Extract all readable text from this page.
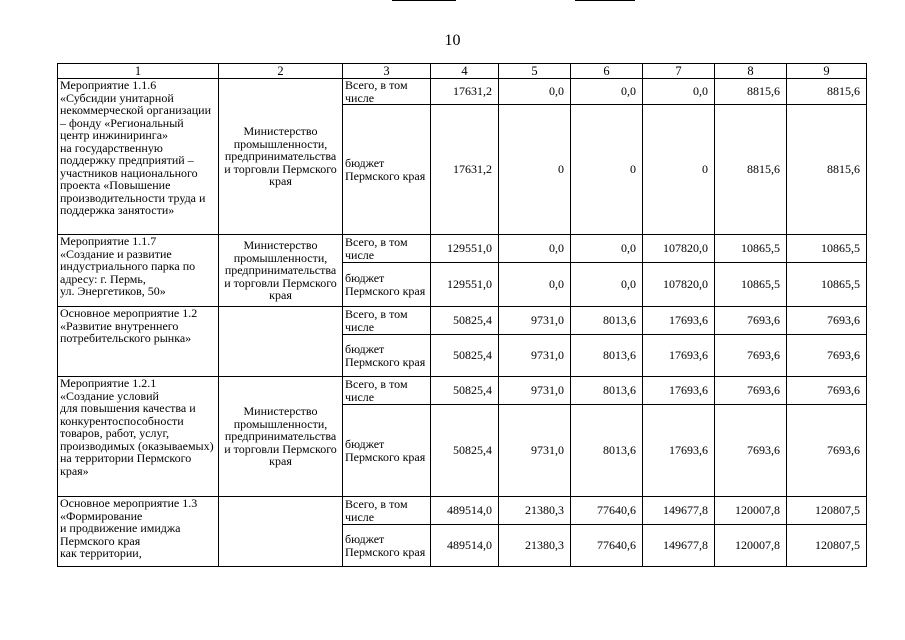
10
1	2	3	4	5	6	7	8	9
Мероприятие 1.1.6
«Субсидии унитарной некоммерческой организации – фонду «Региональный центр инжиниринга»
на государственную поддержку предприятий – участников национального проекта «Повышение производительности труда и поддержка занятости»	Министерство промышленности, предпринимательства и торговли Пермского края	Всего, в том числе	17631,2	0,0	0,0	0,0	8815,6	8815,6
		бюджет Пермского края	17631,2	0	0	0	8815,6	8815,6
Мероприятие 1.1.7
«Создание и развитие индустриального парка по адресу: г. Пермь,
ул. Энергетиков, 50»	Министерство промышленности, предпринимательства и торговли Пермского края	Всего, в том числе	129551,0	0,0	0,0	107820,0	10865,5	10865,5
		бюджет Пермского края	129551,0	0,0	0,0	107820,0	10865,5	10865,5
Основное мероприятие 1.2
«Развитие внутреннего потребительского рынка»		Всего, в том числе	50825,4	9731,0	8013,6	17693,6	7693,6	7693,6
		бюджет Пермского края	50825,4	9731,0	8013,6	17693,6	7693,6	7693,6
Мероприятие 1.2.1
«Создание условий
для повышения качества и конкурентоспособности товаров, работ, услуг, производимых (оказываемых)
на территории Пермского края»	Министерство промышленности, предпринимательства и торговли Пермского края	Всего, в том числе	50825,4	9731,0	8013,6	17693,6	7693,6	7693,6
		бюджет Пермского края	50825,4	9731,0	8013,6	17693,6	7693,6	7693,6
Основное мероприятие 1.3
«Формирование
и продвижение имиджа Пермского края
как территории,		Всего, в том числе	489514,0	21380,3	77640,6	149677,8	120007,8	120807,5
		бюджет Пермского края	489514,0	21380,3	77640,6	149677,8	120007,8	120807,5
